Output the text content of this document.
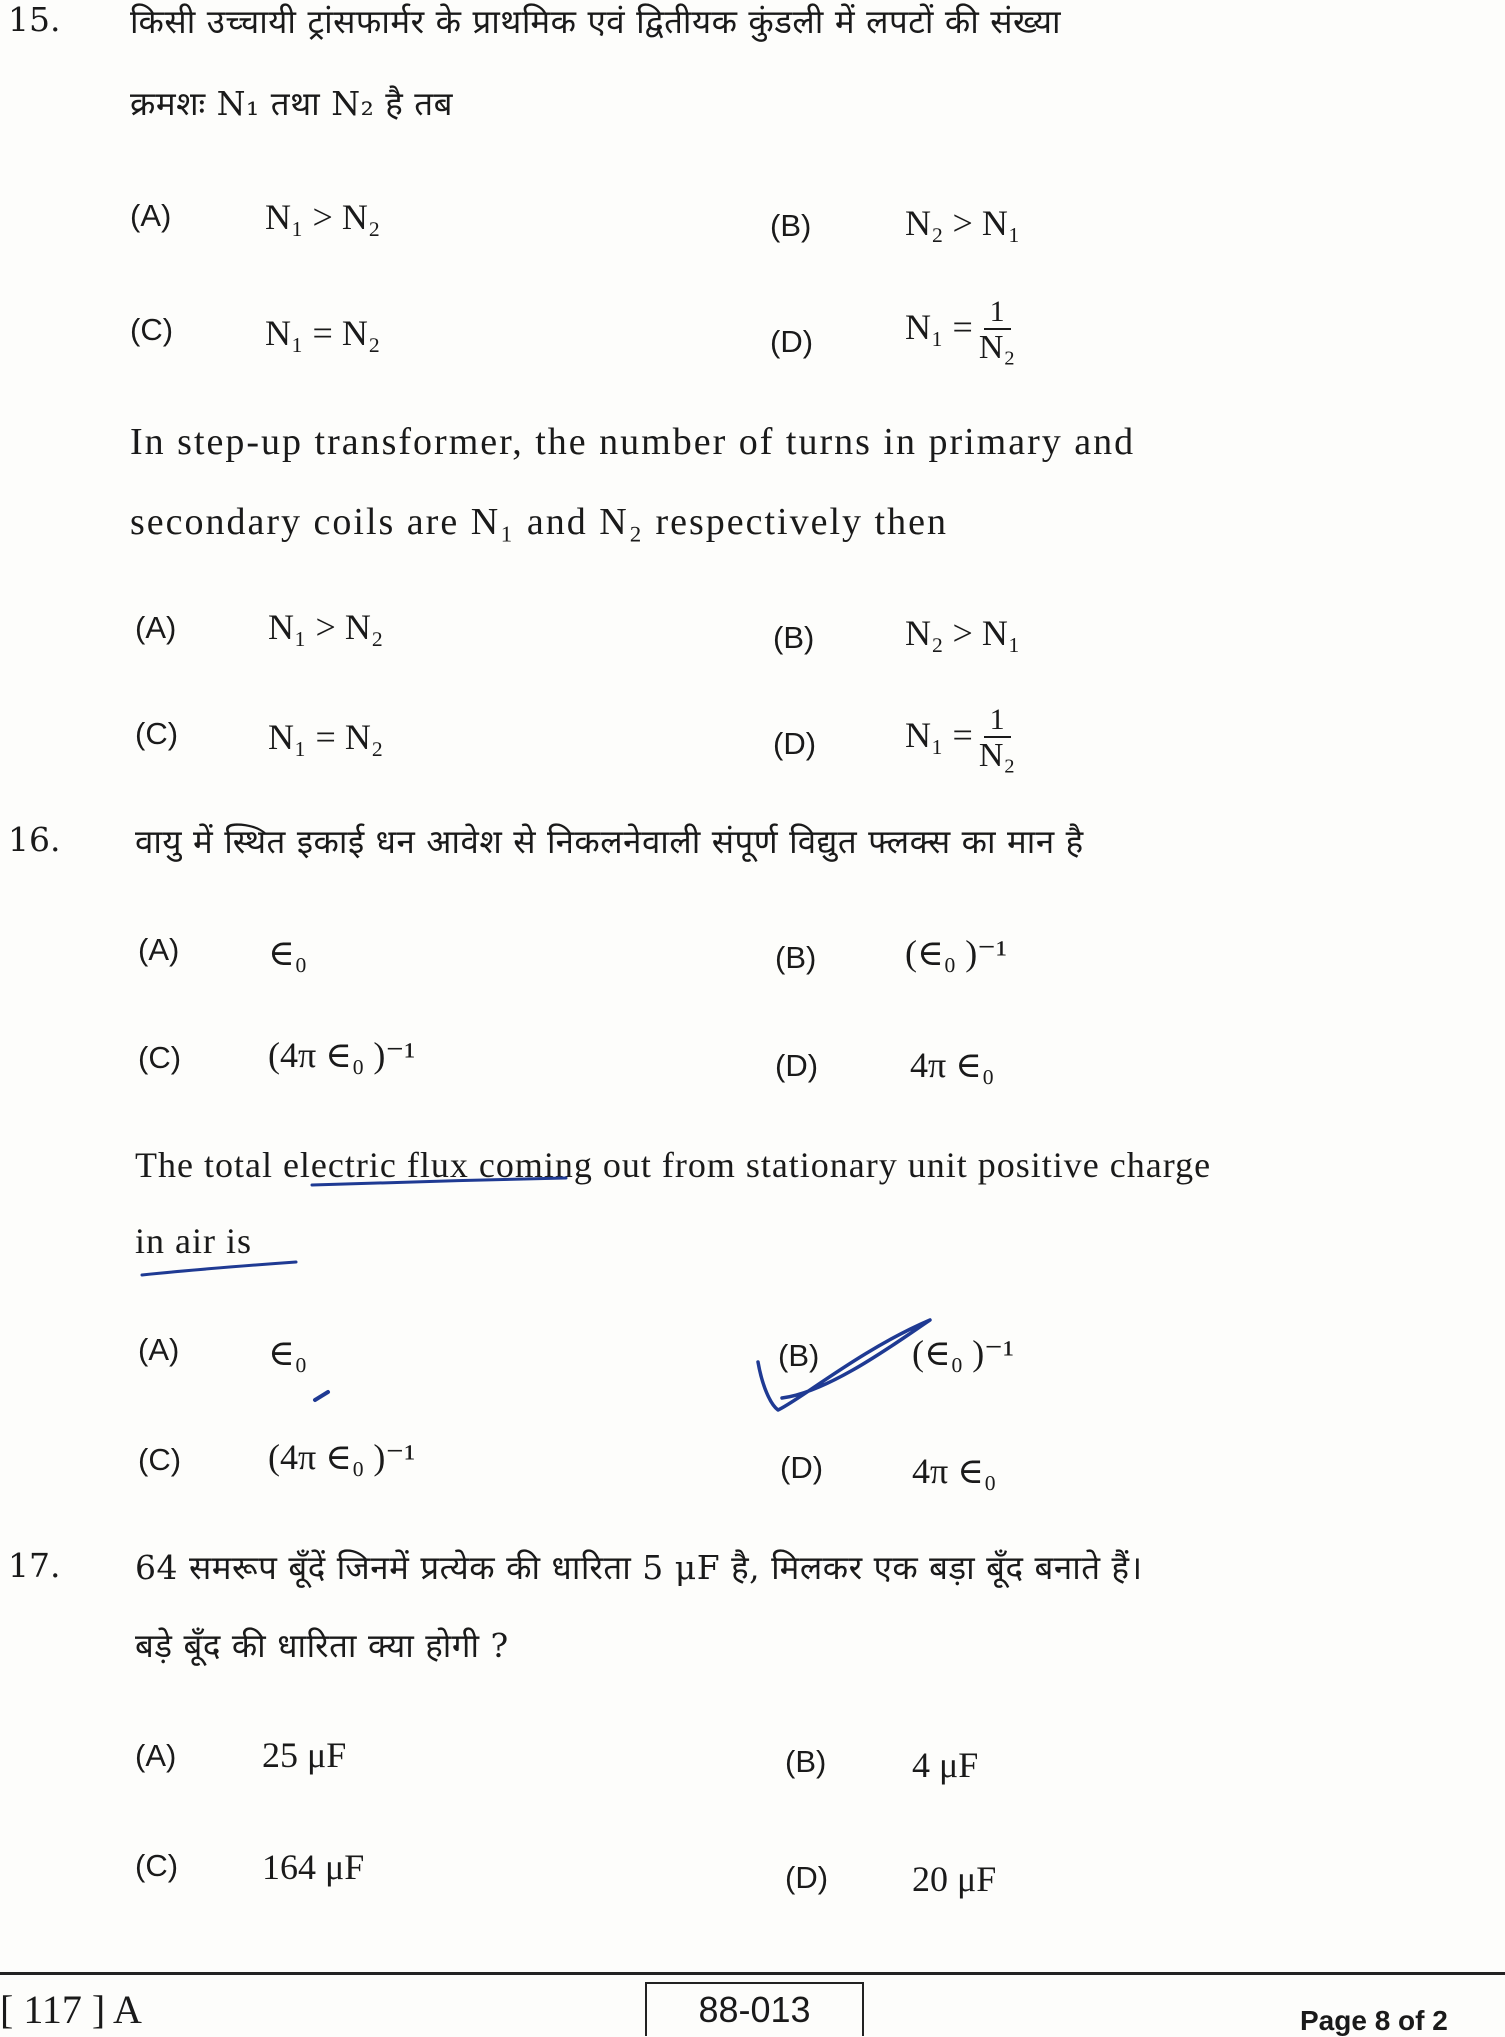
15. किसी उच्चायी ट्रांसफार्मर के प्राथमिक एवं द्वितीयक कुंडली में लपटों की संख्या
क्रमशः N₁ तथा N₂ है तब
(A)	N₁ > N₂	(B)	N₂ > N₁
(C)	N₁ = N₂	(D)	$N_1 = \frac{1}{\text{N₂}}$
In step-up transformer, the number of turns in primary and
secondary coils are N₁ and N₂ respectively then
(A)	N₁ > N₂	(B)	N₂ > N₁
(C) N₁ = N₂	(D) $N_1 = \frac{1}{\text{N₂}}$
16. वायु में स्थित इकाई धन आवेश से निकलनेवाली संपूर्ण विद्युत फ्लक्स का मान है
(A) ∈₀	(B) (∈₀ )⁻¹
(C) (4π ∈₀ )⁻¹	(D)	4π ∈₀
The total electric flux coming out from stationary unit positive charge
in air is
(A) ∈₀	(B)	(∈₀ )⁻¹
(C) (4π ∈₀ )⁻¹	(D) 4π ∈₀
17. 64 समरूप बूँदें जिनमें प्रत्येक की धारिता 5 μF है, मिलकर एक बड़ा बूँद बनाते हैं।
बड़े बूँद की धारिता क्या होगी ?
(A) 25 μF	(B) 4 μF
(C) 164 μF	(D) 20 μF
[ 117 ] A	88-013	Page 8 of 2
